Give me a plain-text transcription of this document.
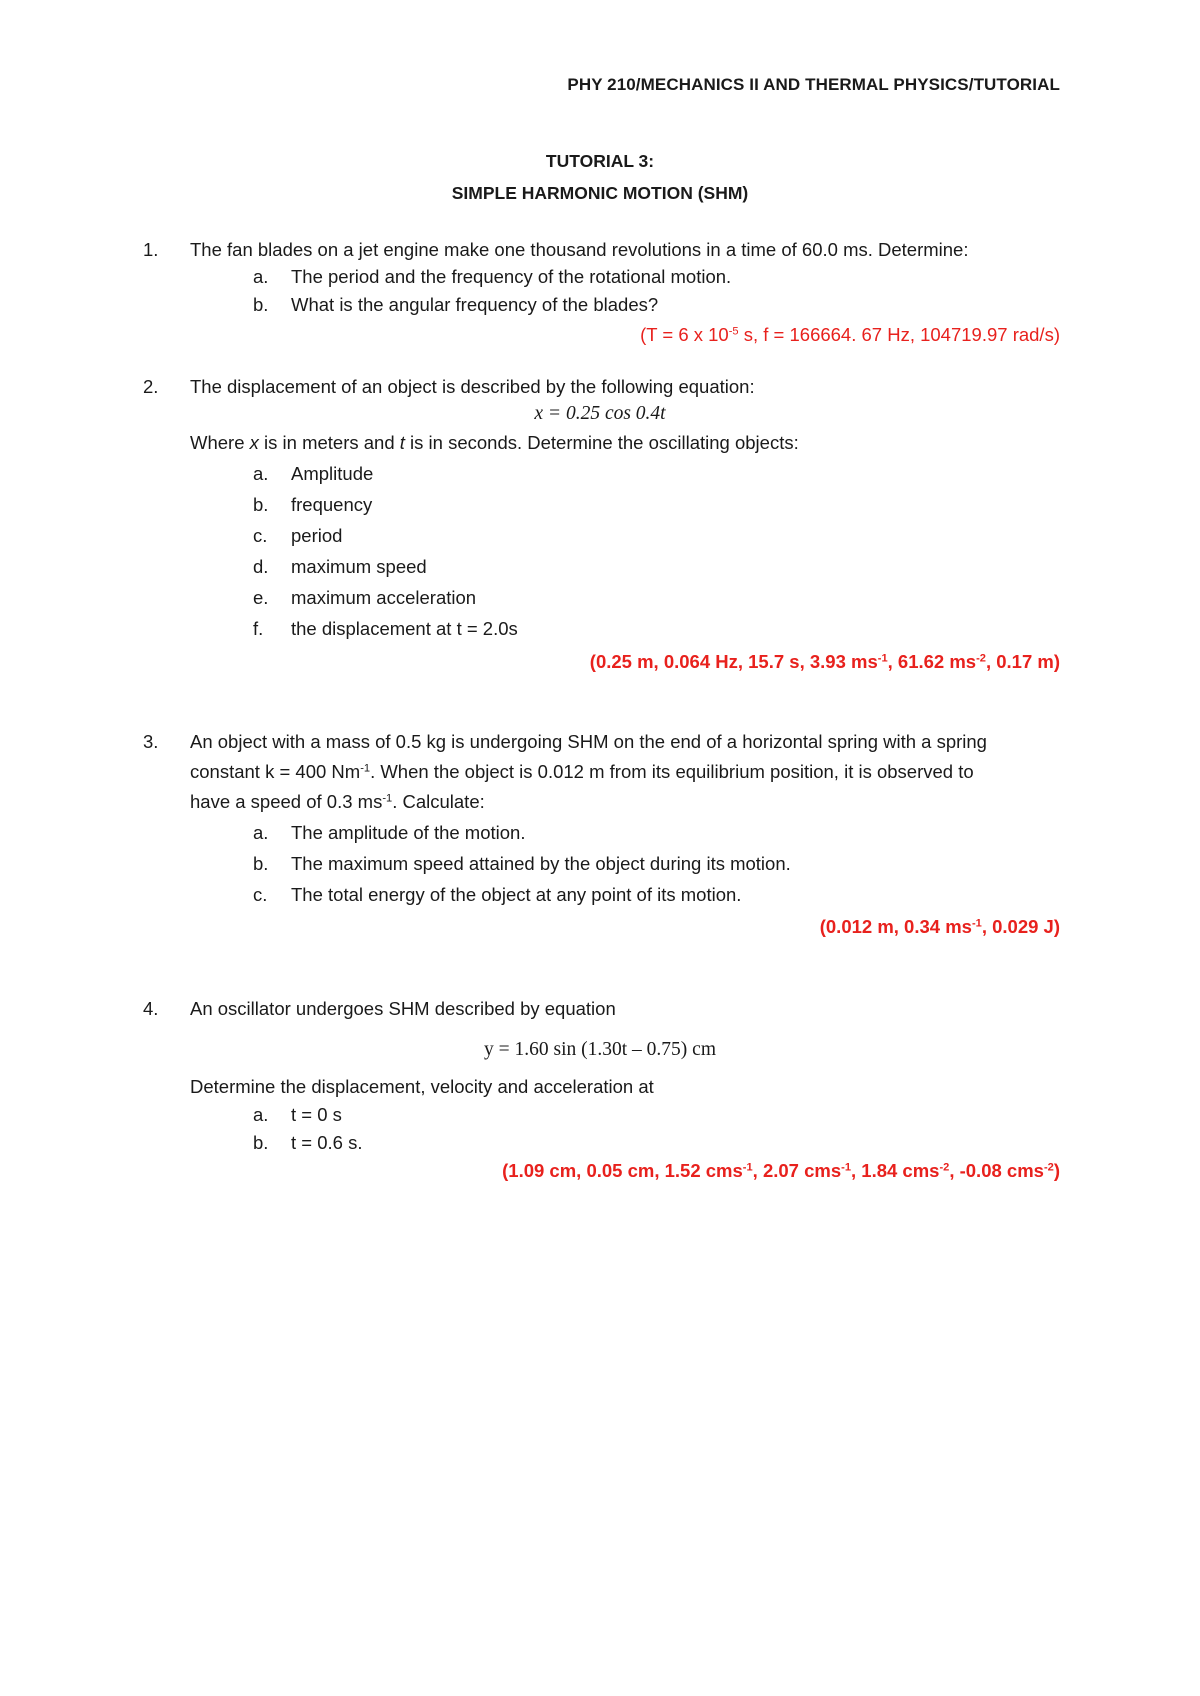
PHY 210/MECHANICS II AND THERMAL PHYSICS/TUTORIAL
TUTORIAL 3:
SIMPLE HARMONIC MOTION (SHM)
1. The fan blades on a jet engine make one thousand revolutions in a time of 60.0 ms. Determine:
a. The period and the frequency of the rotational motion.
b. What is the angular frequency of the blades?
(T = 6 x $10^{-5}$ s, f = 166664. 67 Hz, 104719.97 rad/s)
2. The displacement of an object is described by the following equation:
x = 0.25 cos 0.4t
Where x is in meters and t is in seconds. Determine the oscillating objects:
a. Amplitude
b. frequency
c. period
d. maximum speed
e. maximum acceleration
f. the displacement at t = 2.0s
(0.25 m, 0.064 Hz, 15.7 s, 3.93 $ms^{-1}$, 61.62 $ms^{-2}$, 0.17 m)
3. An object with a mass of 0.5 kg is undergoing SHM on the end of a horizontal spring with a spring
constant k = 400 $Nm^{-1}$. When the object is 0.012 m from its equilibrium position, it is observed to
have a speed of 0.3 $ms^{-1}$. Calculate:
a. The amplitude of the motion.
b. The maximum speed attained by the object during its motion.
c. The total energy of the object at any point of its motion.
(0.012 m, 0.34 $ms^{-1}$, 0.029 J)
4. An oscillator undergoes SHM described by equation
y = 1.60 sin (1.30t – 0.75) cm
Determine the displacement, velocity and acceleration at
a. t = 0 s
b. t = 0.6 s.
(1.09 cm, 0.05 cm, 1.52 cms$^{-1}$, 2.07 cms$^{-1}$, 1.84 cms$^{-2}$, -0.08 cms$^{-2}$)
